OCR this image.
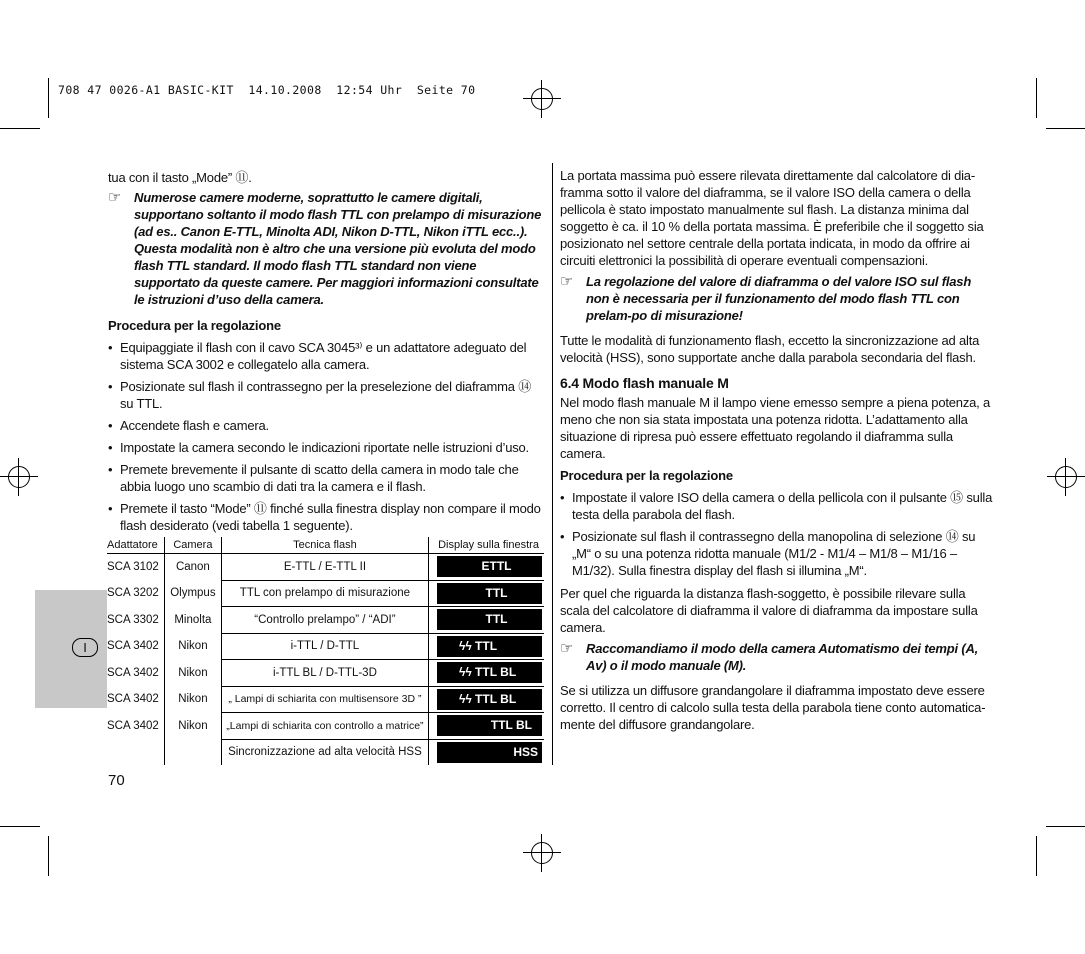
708 47 0026-A1 BASIC-KIT  14.10.2008  12:54 Uhr  Seite 70
I

tua con il tasto „Mode” ⑪.

☞ Numerose camere moderne, soprattutto le camere digitali, supportano soltanto il modo flash TTL con prelampo di misurazione (ad es.. Canon E-TTL, Minolta ADI, Nikon D-TTL, Nikon iTTL ecc..). Questa modalità non è altro che una versione più evoluta del modo flash TTL standard. Il modo flash TTL standard non viene supportato da queste camere. Per maggiori informazioni consultate le istruzioni d’uso della camera.

Procedura per la regolazione

• Equipaggiate il flash con il cavo SCA 3045³⁾ e un adattatore adeguato del sistema SCA 3002 e collegatelo alla camera.
• Posizionate sul flash il contrassegno per la preselezione del diaframma ⑭ su TTL.
• Accendete flash e camera.
• Impostate la camera secondo le indicazioni riportate nelle istruzioni d’uso.
• Premete brevemente il pulsante di scatto della camera in modo tale che abbia luogo uno scambio di dati tra la camera e il flash.
• Premete il tasto “Mode” ⑪ finché sulla finestra display non compare il modo flash desiderato (vedi tabella 1 seguente).
Adattatore	Camera	Tecnica flash	Display sulla finestra
SCA 3102	Canon	E-TTL / E-TTL II	ETTL

SCA 3202	Olympus	TTL con prelampo di misurazione	TTL

SCA 3302	Minolta	“Controllo prelampo” / “ADI”	TTL

SCA 3402	Nikon	i-TTL / D-TTL	ϟϟ TTL

SCA 3402	Nikon	i-TTL BL / D-TTL-3D	ϟϟ TTL BL

SCA 3402	Nikon	„ Lampi di schiarita con multisensore 3D ”	ϟϟ TTL BL

SCA 3402	Nikon	„Lampi di schiarita con controllo a matrice”	TTL BL

		Sincronizzazione ad alta velocità HSS	HSS
70

La portata massima può essere rilevata direttamente dal calcolatore di dia-framma sotto il valore del diaframma, se il valore ISO della camera o della pellicola è stato impostato manualmente sul flash. La distanza minima dal soggetto è ca. il 10 % della portata massima. È preferibile che il soggetto sia posizionato nel settore centrale della portata indicata, in modo da offrire ai circuiti elettronici la possibilità di operare eventuali compensazioni.

☞ La regolazione del valore di diaframma o del valore ISO sul flash non è necessaria per il funzionamento del modo flash TTL con prelam-po di misurazione!

Tutte le modalità di funzionamento flash, eccetto la sincronizzazione ad alta velocità (HSS), sono supportate anche dalla parabola secondaria del flash.

6.4 Modo flash manuale M

Nel modo flash manuale M il lampo viene emesso sempre a piena potenza, a meno che non sia stata impostata una potenza ridotta. L’adattamento alla situazione di ripresa può essere effettuato regolando il diaframma sulla camera.

Procedura per la regolazione

• Impostate il valore ISO della camera o della pellicola con il pulsante ⑮ sulla testa della parabola del flash.
• Posizionate sul flash il contrassegno della manopolina di selezione ⑭ su „M“ o su una potenza ridotta manuale (M1/2 - M1/4 – M1/8 – M1/16 – M1/32). Sulla finestra display del flash si illumina „M“.

Per quel che riguarda la distanza flash-soggetto, è possibile rilevare sulla scala del calcolatore di diaframma il valore di diaframma da impostare sulla camera.

☞ Raccomandiamo il modo della camera Automatismo dei tempi (A, Av) o il modo manuale (M).

Se si utilizza un diffusore grandangolare il diaframma impostato deve essere corretto. Il centro di calcolo sulla testa della parabola tiene conto automatica-mente del diffusore grandangolare.
